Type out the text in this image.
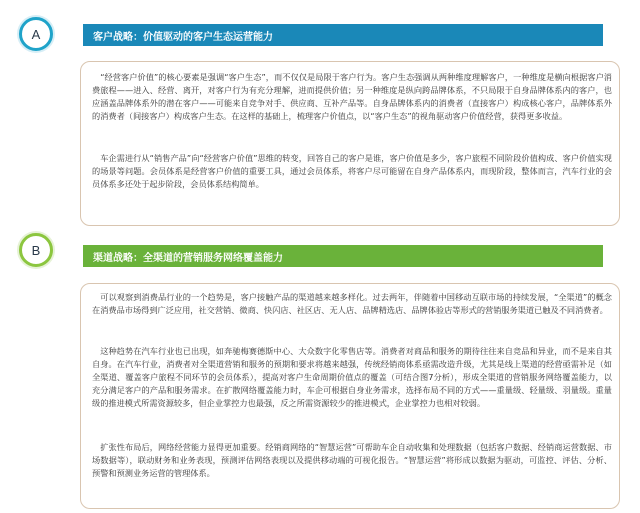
A	客户战略：价值驱动的客户生态运营能力

“经营客户价值”的核心要素是强调“客户生态”，而不仅仅是局限于客户行为。客户生态强调从两种维度理解客户，一种维度是横向根据客户消费旅程——进入、经营、离开，对客户行为有充分理解，进而提供价值；另一种维度是纵向跨品牌体系，不只局限于自身品牌体系内的客户，也应涵盖品牌体系外的潜在客户——可能来自竞争对手、供应商、互补产品等。自身品牌体系内的消费者（直接客户）构成核心客户，品牌体系外的消费者（间接客户）构成客户生态。在这样的基础上，梳理客户价值点，以“客户生态”的视角驱动客户价值经营，获得更多收益。

车企需进行从“销售产品”向“经营客户价值”思维的转变，回答自己的客户是谁，客户价值是多少，客户旅程不同阶段价值构成、客户价值实现的场景等问题。会员体系是经营客户价值的重要工具，通过会员体系，将客户尽可能留在自身产品体系内，而现阶段，整体而言，汽车行业的会员体系多还处于起步阶段，会员体系结构简单。

B
渠道战略：全渠道的营销服务网络覆盖能力

可以观察到消费品行业的一个趋势是，客户接触产品的渠道越来越多样化。过去两年，伴随着中国移动互联市场的持续发展，“全渠道”的概念在消费品市场得到广泛应用，社交营销、微商、快闪店、社区店、无人店、品牌精选店、品牌体验店等形式的营销服务渠道已触及不同消费者。

这种趋势在汽车行业也已出现，如奔驰梅赛德斯中心、大众数字化零售店等。消费者对商品和服务的期待往往来自竞品和异业，而不是来自其自身。在汽车行业，消费者对全渠道营销和服务的预期和要求将越来越强，传统经销商体系亟需改造升级，尤其是线上渠道的经营亟需补足（如全渠道、覆盖客户旅程不同环节的会员体系），提高对客户生命周期价值点的覆盖（可结合图7分析），形成全渠道的营销服务网络覆盖能力，以充分满足客户的产品和服务需求。在扩散网络覆盖能力时，车企可根据自身业务需求，选择布局不同的方式——重量级、轻量级、羽量级。重量级的推进模式所需资源较多，但企业掌控力也最强，反之所需资源较少的推进模式，企业掌控力也相对较弱。

扩张性布局后，网络经营能力显得更加重要。经销商网络的“智慧运营”可帮助车企自动收集和处理数据（包括客户数据、经销商运营数据、市场数据等），联动财务和业务表现，预测评估网络表现以及提供移动端的可视化报告。“智慧运营”将形成以数据为驱动，可监控、评估、分析、预警和预测业务运营的管理体系。
